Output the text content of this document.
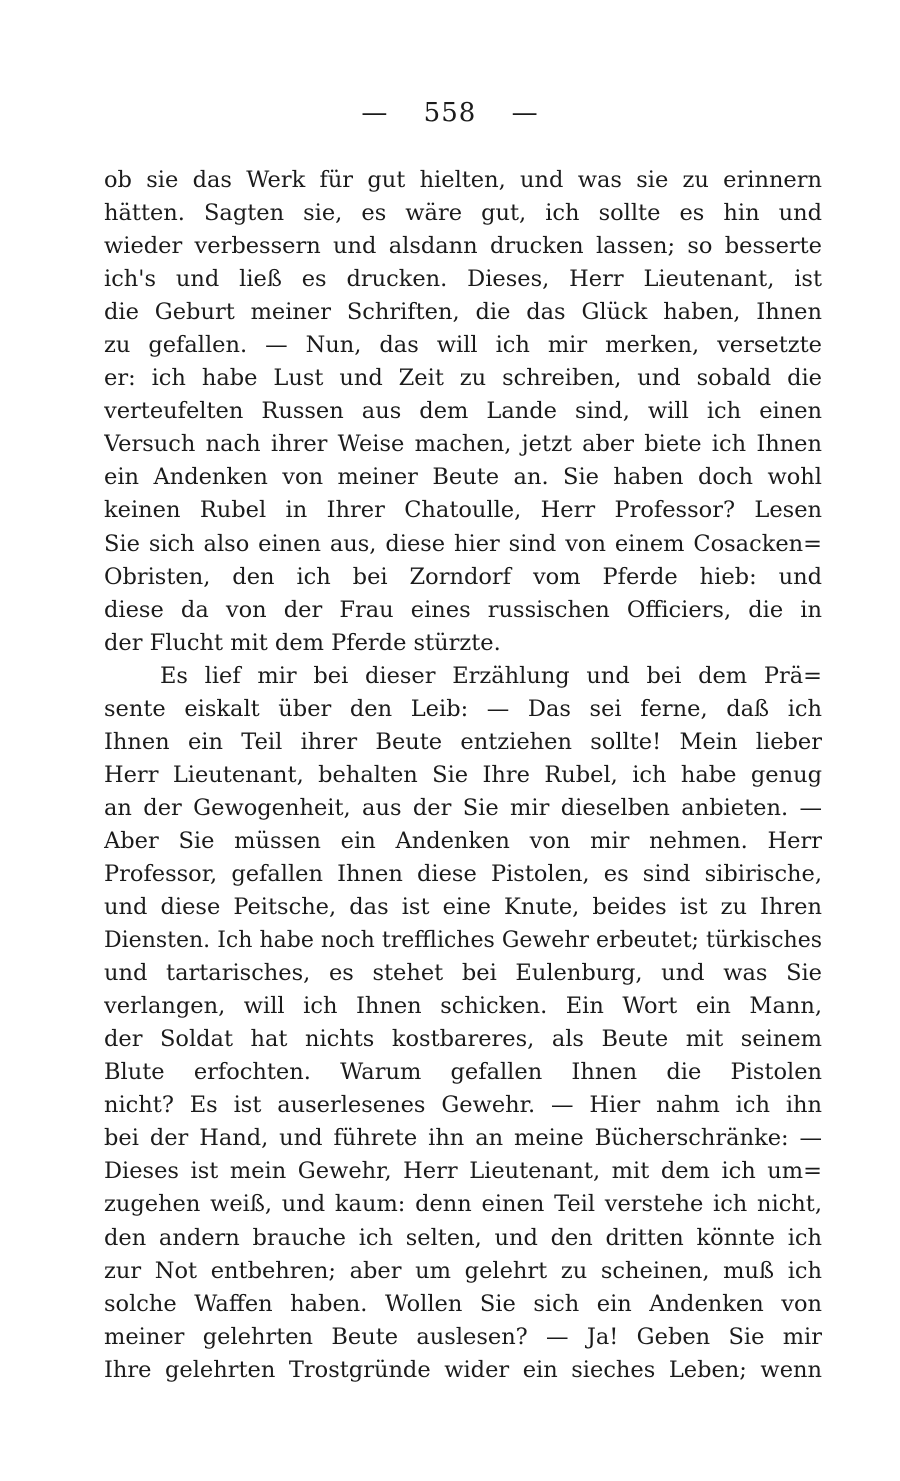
— 558 —
ob sie das Werk für gut hielten, und was sie zu erinnern
hätten. Sagten sie, es wäre gut, ich sollte es hin und
wieder verbessern und alsdann drucken lassen; so besserte
ich's und ließ es drucken. Dieses, Herr Lieutenant, ist
die Geburt meiner Schriften, die das Glück haben, Ihnen
zu gefallen. — Nun, das will ich mir merken, versetzte
er: ich habe Lust und Zeit zu schreiben, und sobald die
verteufelten Russen aus dem Lande sind, will ich einen
Versuch nach ihrer Weise machen, jetzt aber biete ich Ihnen
ein Andenken von meiner Beute an. Sie haben doch wohl
keinen Rubel in Ihrer Chatoulle, Herr Professor? Lesen
Sie sich also einen aus, diese hier sind von einem Cosacken=
Obristen, den ich bei Zorndorf vom Pferde hieb: und
diese da von der Frau eines russischen Officiers, die in
der Flucht mit dem Pferde stürzte.
Es lief mir bei dieser Erzählung und bei dem Prä=
sente eiskalt über den Leib: — Das sei ferne, daß ich
Ihnen ein Teil ihrer Beute entziehen sollte! Mein lieber
Herr Lieutenant, behalten Sie Ihre Rubel, ich habe genug
an der Gewogenheit, aus der Sie mir dieselben anbieten. —
Aber Sie müssen ein Andenken von mir nehmen. Herr
Professor, gefallen Ihnen diese Pistolen, es sind sibirische,
und diese Peitsche, das ist eine Knute, beides ist zu Ihren
Diensten. Ich habe noch treffliches Gewehr erbeutet; türkisches
und tartarisches, es stehet bei Eulenburg, und was Sie
verlangen, will ich Ihnen schicken. Ein Wort ein Mann,
der Soldat hat nichts kostbareres, als Beute mit seinem
Blute erfochten. Warum gefallen Ihnen die Pistolen
nicht? Es ist auserlesenes Gewehr. — Hier nahm ich ihn
bei der Hand, und führete ihn an meine Bücherschränke: —
Dieses ist mein Gewehr, Herr Lieutenant, mit dem ich um=
zugehen weiß, und kaum: denn einen Teil verstehe ich nicht,
den andern brauche ich selten, und den dritten könnte ich
zur Not entbehren; aber um gelehrt zu scheinen, muß ich
solche Waffen haben. Wollen Sie sich ein Andenken von
meiner gelehrten Beute auslesen? — Ja! Geben Sie mir
Ihre gelehrten Trostgründe wider ein sieches Leben; wenn
